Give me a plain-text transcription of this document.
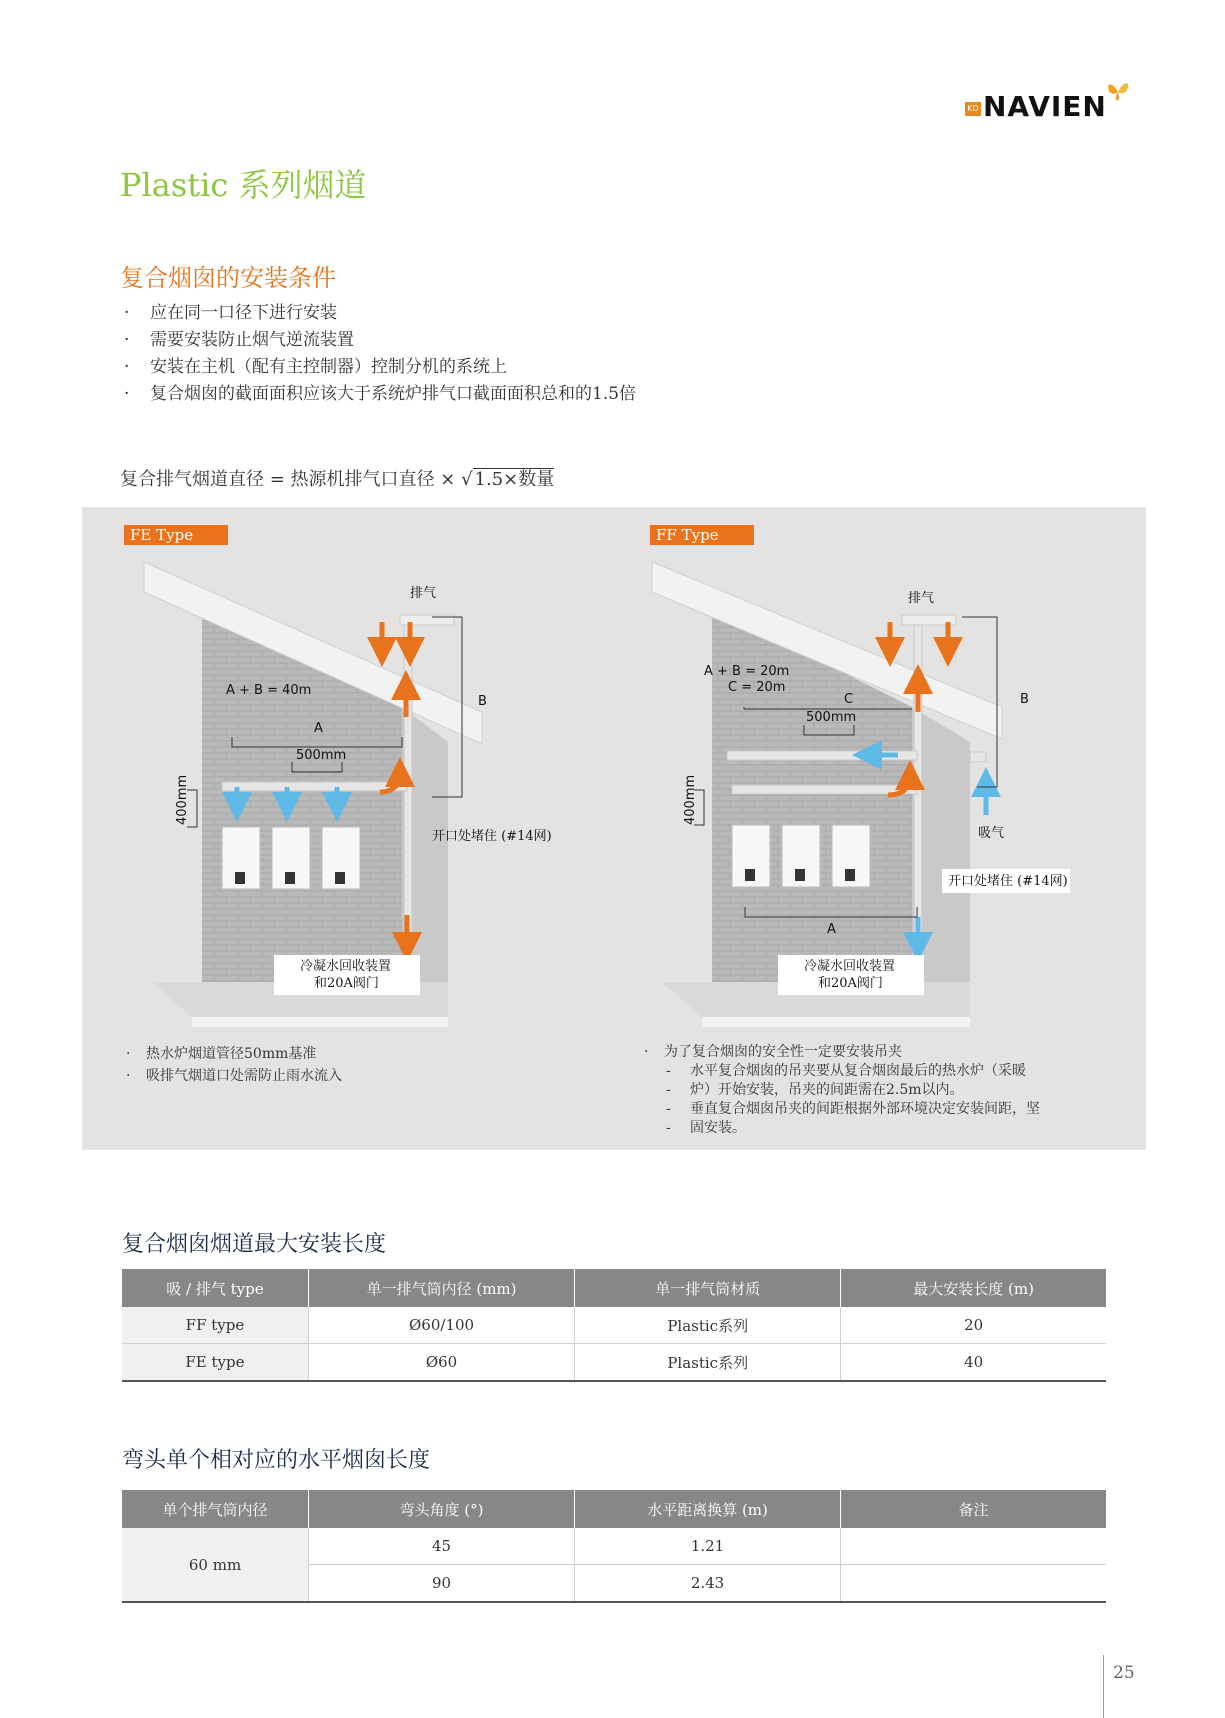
KD NAVIEN
Plastic 系列烟道
复合烟囱的安装条件
· 应在同一口径下进行安装
· 需要安装防止烟气逆流装置
· 安装在主机（配有主控制器）控制分机的系统上
· 复合烟囱的截面面积应该大于系统炉排气口截面面积总和的1.5倍
复合排气烟道直径 = 热源机排气口直径 × √ 1.5×数量
FE Type	FF Type
排气
A + B = 40m
B
A
500mm
400mm
开口处堵住 (#14网)
冷凝水回收装置
和20A阀门
排气
A + B = 20m
C = 20m
C	B
500mm
400mm
吸气
开口处堵住 (#14网)
A
冷凝水回收装置
和20A阀门
· 热水炉烟道管径50mm基准
· 吸排气烟道口处需防止雨水流入
· 为了复合烟囱的安全性一定要安装吊夹
- 水平复合烟囱的吊夹要从复合烟囱最后的热水炉（采暖
- 炉）开始安装，吊夹的间距需在2.5m以内。
- 垂直复合烟囱吊夹的间距根据外部环境决定安装间距，坚
- 固安装。
复合烟囱烟道最大安装长度
吸 / 排气 type	单一排气筒内径 (mm)	单一排气筒材质	最大安装长度 (m)
FF type	Ø60/100	Plastic系列	20
FE type	Ø60	Plastic系列	40
弯头单个相对应的水平烟囱长度
单个排气筒内径	弯头角度 (°)	水平距离换算 (m)	备注
60 mm	45	1.21	
	90	2.43	
25
